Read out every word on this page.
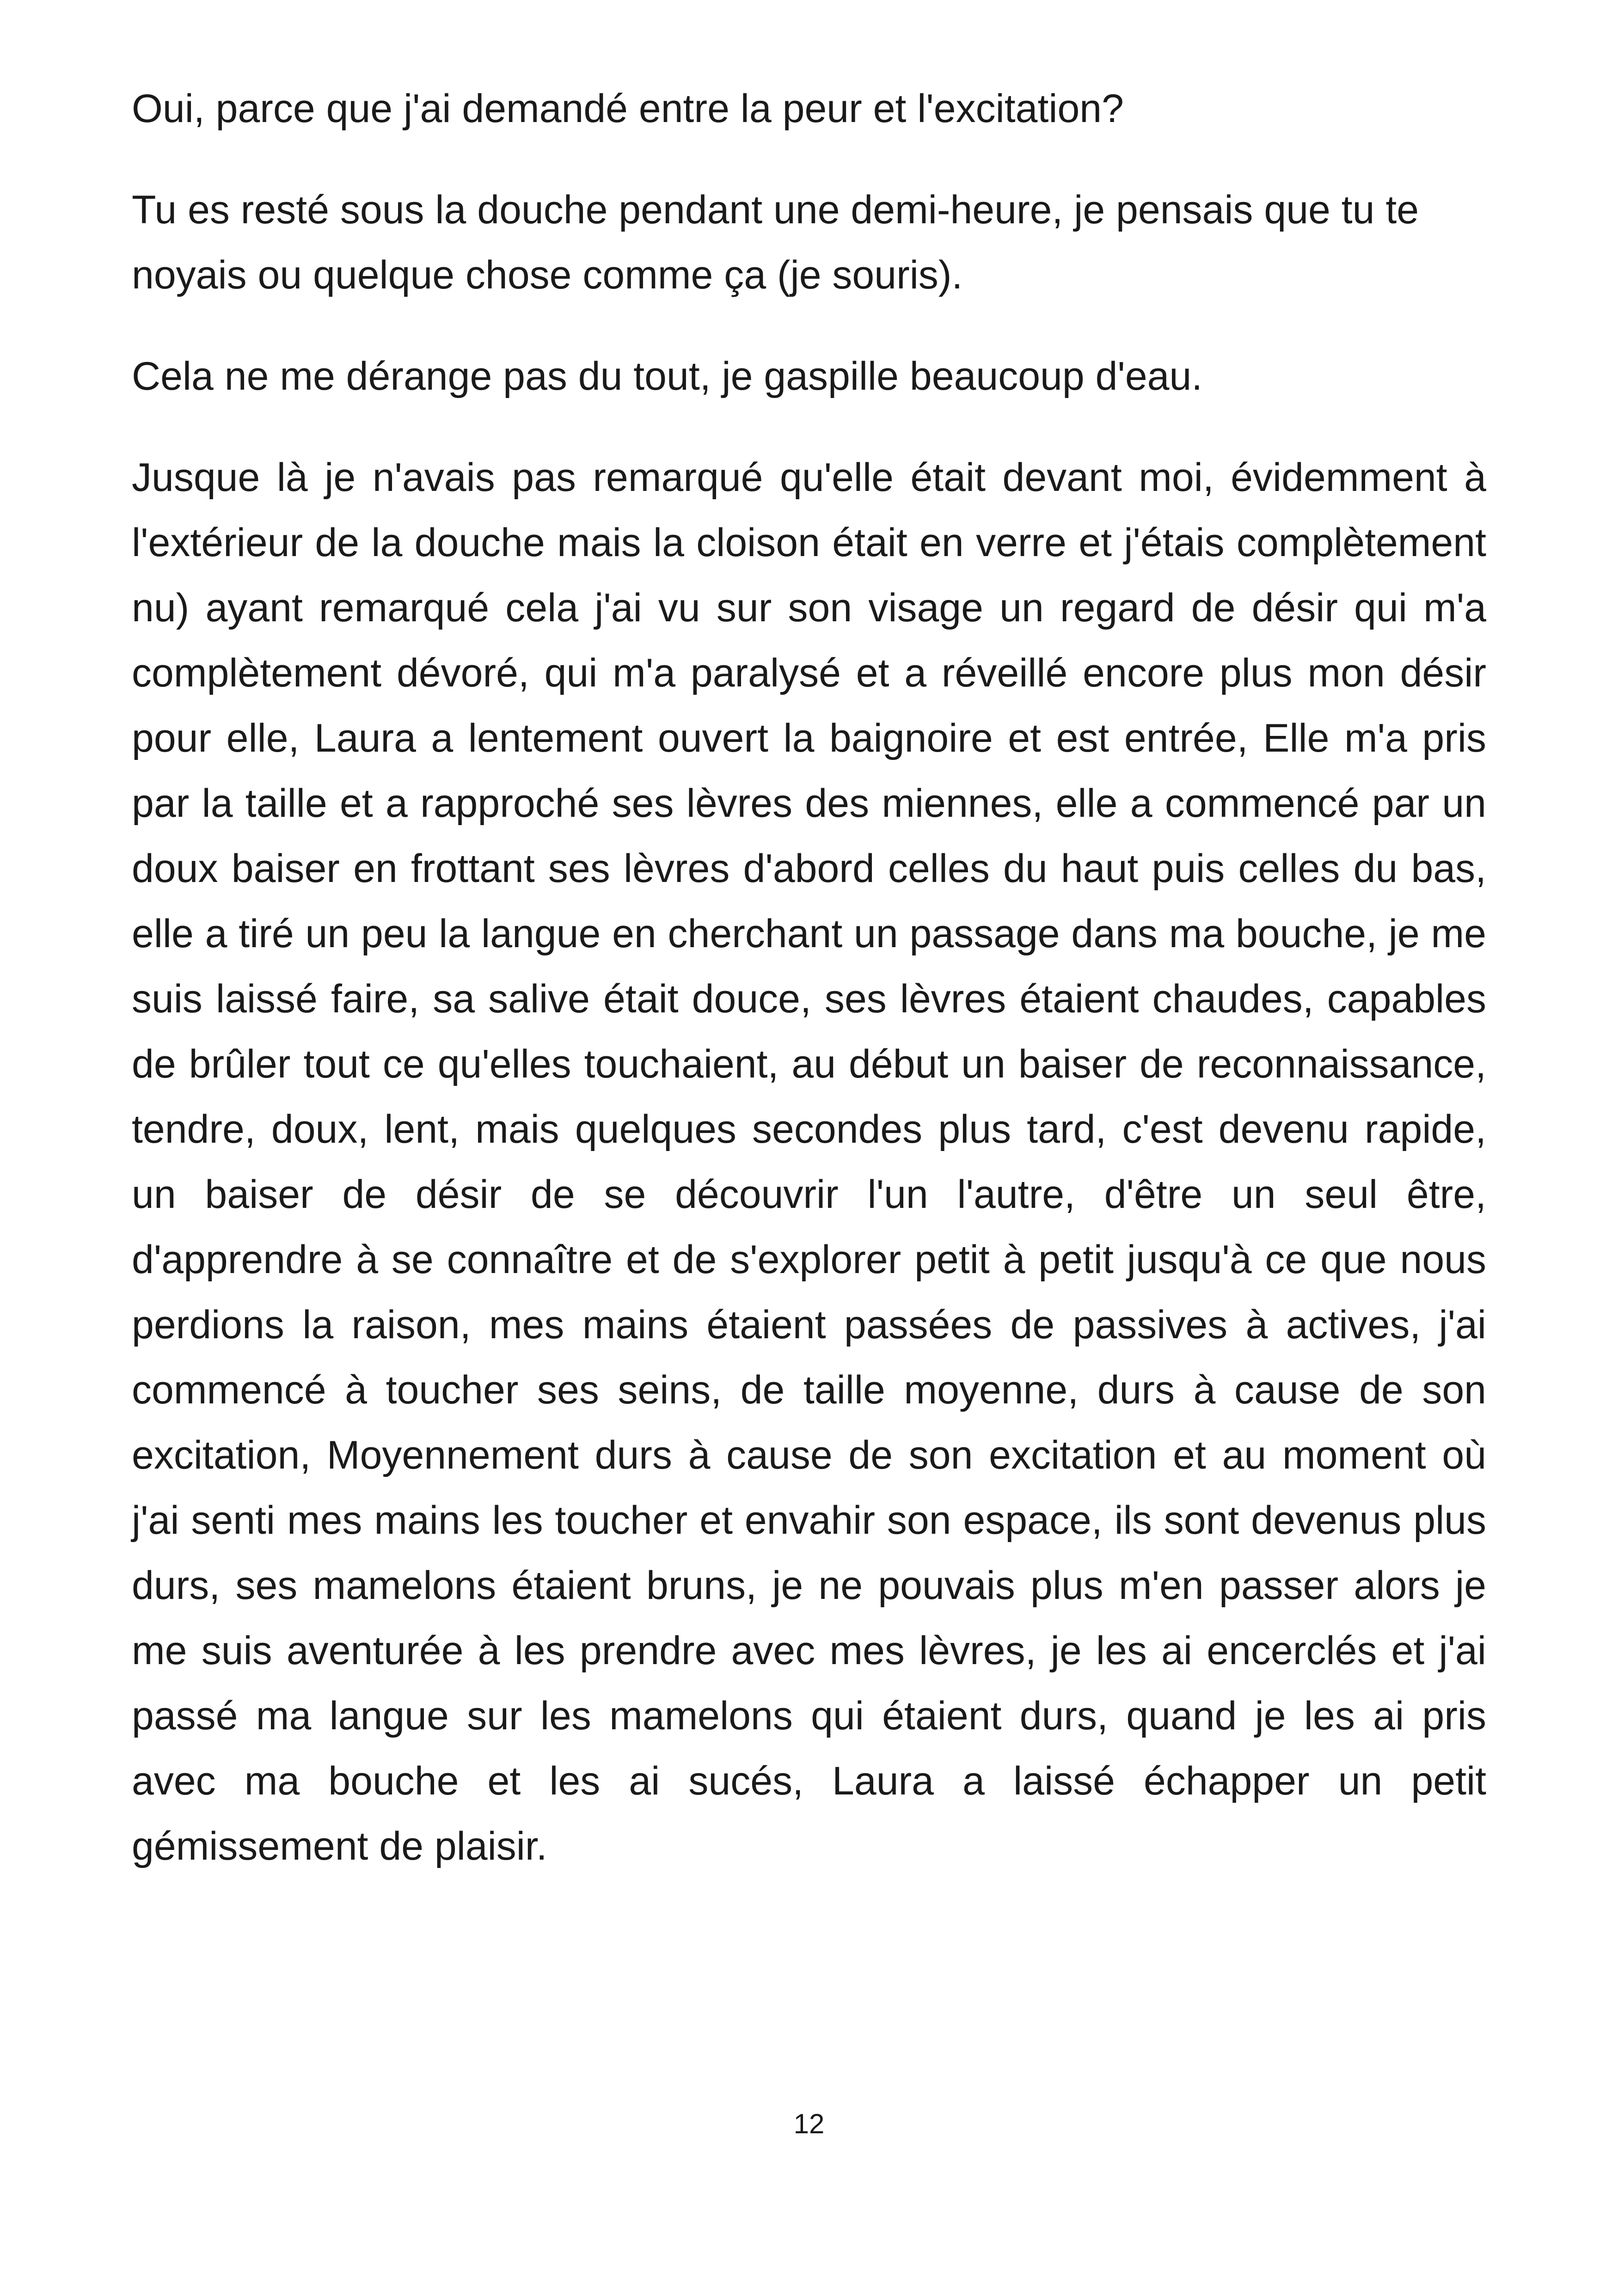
Oui, parce que j'ai demandé entre la peur et l'excitation?

Tu es resté sous la douche pendant une demi-heure, je pensais que tu te noyais ou quelque chose comme ça (je souris).

Cela ne me dérange pas du tout, je gaspille beaucoup d'eau.

Jusque là je n'avais pas remarqué qu'elle était devant moi, évidemment à l'extérieur de la douche mais la cloison était en verre et j'étais complètement nu) ayant remarqué cela j'ai vu sur son visage un regard de désir qui m'a complètement dévoré, qui m'a paralysé et a réveillé encore plus mon désir pour elle, Laura a lentement ouvert la baignoire et est entrée, Elle m'a pris par la taille et a rapproché ses lèvres des miennes, elle a commencé par un doux baiser en frottant ses lèvres d'abord celles du haut puis celles du bas, elle a tiré un peu la langue en cherchant un passage dans ma bouche, je me suis laissé faire, sa salive était douce, ses lèvres étaient chaudes, capables de brûler tout ce qu'elles touchaient, au début un baiser de reconnaissance, tendre, doux, lent, mais quelques secondes plus tard, c'est devenu rapide, un baiser de désir de se découvrir l'un l'autre, d'être un seul être, d'apprendre à se connaître et de s'explorer petit à petit jusqu'à ce que nous perdions la raison, mes mains étaient passées de passives à actives, j'ai commencé à toucher ses seins, de taille moyenne, durs à cause de son excitation, Moyennement durs à cause de son excitation et au moment où j'ai senti mes mains les toucher et envahir son espace, ils sont devenus plus durs, ses mamelons étaient bruns, je ne pouvais plus m'en passer alors je me suis aventurée à les prendre avec mes lèvres, je les ai encerclés et j'ai passé ma langue sur les mamelons qui étaient durs, quand je les ai pris avec ma bouche et les ai sucés, Laura a laissé échapper un petit gémissement de plaisir.

12
